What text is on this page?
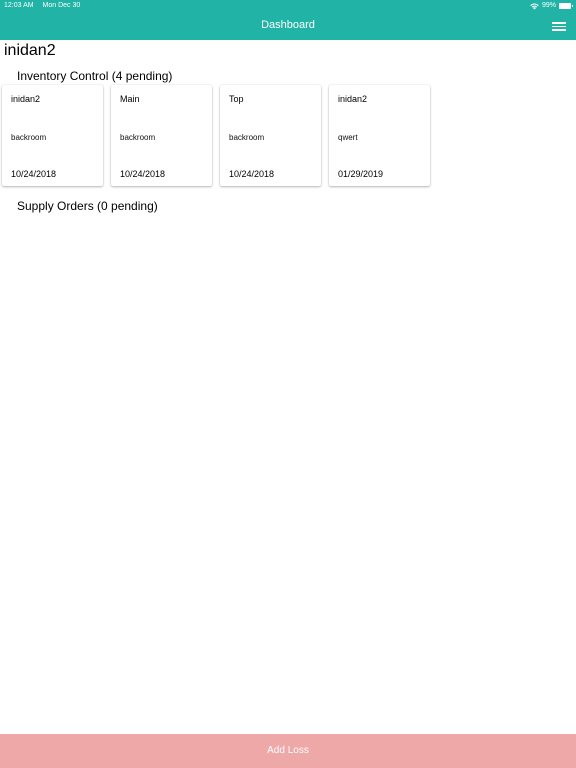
12:03 AM Mon Dec 30	99%
Dashboard
inidan2
Inventory Control (4 pending)
inidan2
backroom
10/24/2018
Main
backroom
10/24/2018
Top
backroom
10/24/2018
inidan2
qwert
01/29/2019
Supply Orders (0 pending)
Add Loss
